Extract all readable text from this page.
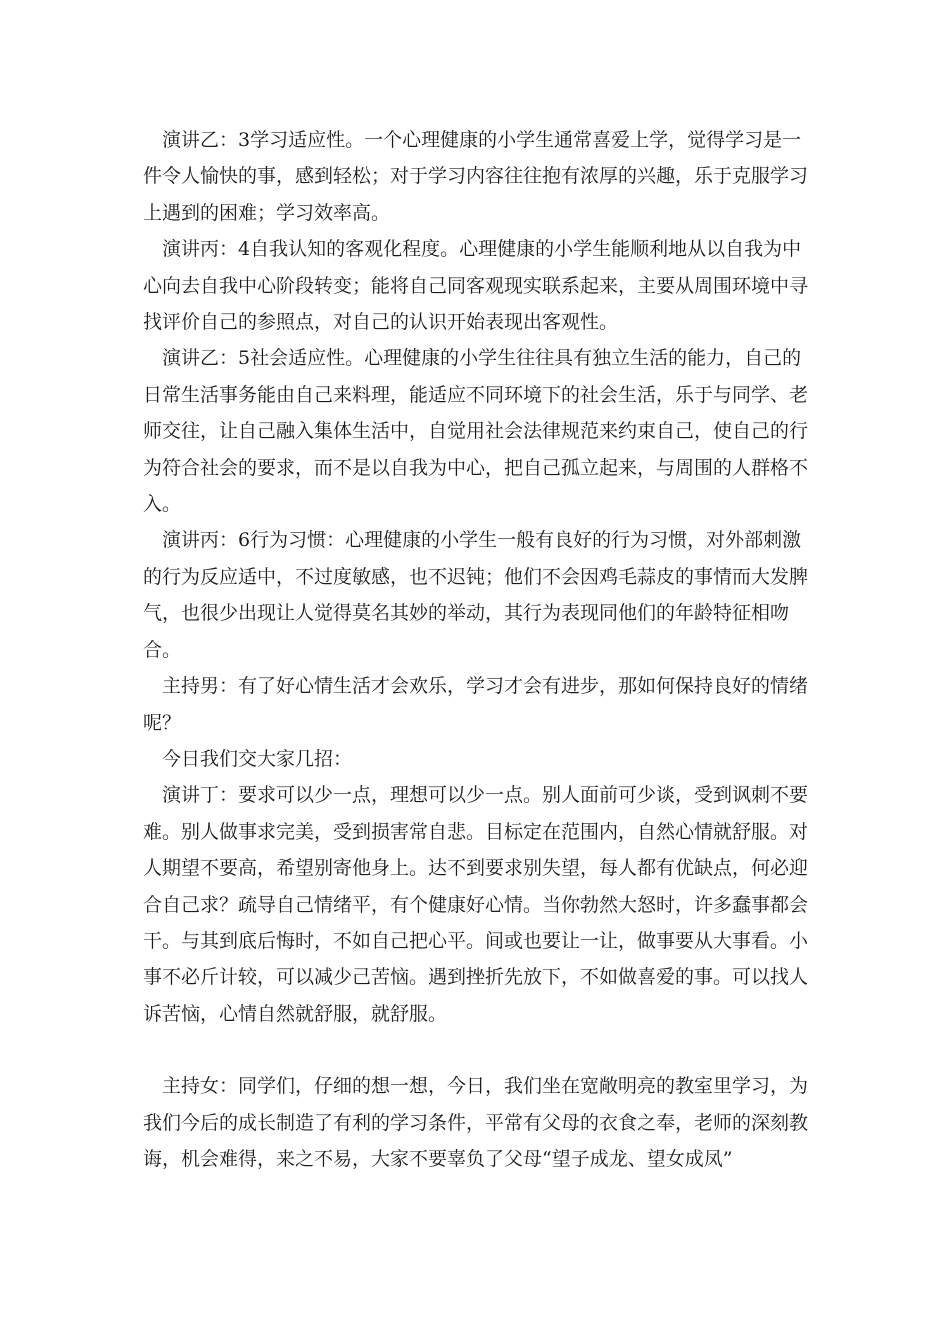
演讲乙：3学习适应性。一个心理健康的小学生通常喜爱上学，觉得学习是一件令人愉快的事，感到轻松；对于学习内容往往抱有浓厚的兴趣，乐于克服学习上遇到的困难；学习效率高。

演讲丙：4自我认知的客观化程度。心理健康的小学生能顺利地从以自我为中心向去自我中心阶段转变；能将自己同客观现实联系起来，主要从周围环境中寻找评价自己的参照点，对自己的认识开始表现出客观性。

演讲乙：5社会适应性。心理健康的小学生往往具有独立生活的能力，自己的日常生活事务能由自己来料理，能适应不同环境下的社会生活，乐于与同学、老师交往，让自己融入集体生活中，自觉用社会法律规范来约束自己，使自己的行为符合社会的要求，而不是以自我为中心，把自己孤立起来，与周围的人群格不入。

演讲丙：6行为习惯：心理健康的小学生一般有良好的行为习惯，对外部刺激的行为反应适中，不过度敏感，也不迟钝；他们不会因鸡毛蒜皮的事情而大发脾气，也很少出现让人觉得莫名其妙的举动，其行为表现同他们的年龄特征相吻合。

主持男：有了好心情生活才会欢乐，学习才会有进步，那如何保持良好的情绪呢？

今日我们交大家几招：

演讲丁：要求可以少一点，理想可以少一点。别人面前可少谈，受到讽刺不要难。别人做事求完美，受到损害常自悲。目标定在范围内，自然心情就舒服。对人期望不要高，希望别寄他身上。达不到要求别失望，每人都有优缺点，何必迎合自己求？疏导自己情绪平，有个健康好心情。当你勃然大怒时，许多蠢事都会干。与其到底后悔时，不如自己把心平。间或也要让一让，做事要从大事看。小事不必斤计较，可以减少己苦恼。遇到挫折先放下，不如做喜爱的事。可以找人诉苦恼，心情自然就舒服，就舒服。

主持女：同学们，仔细的想一想，今日，我们坐在宽敞明亮的教室里学习，为我们今后的成长制造了有利的学习条件，平常有父母的衣食之奉，老师的深刻教诲，机会难得，来之不易，大家不要辜负了父母“望子成龙、望女成凤”
